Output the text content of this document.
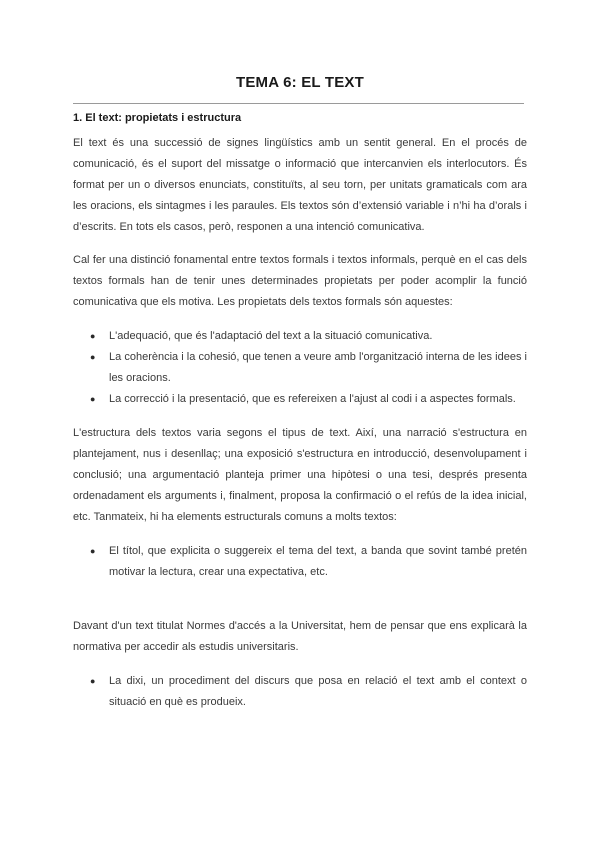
TEMA 6: EL TEXT
1. El text: propietats i estructura

El text és una successió de signes lingüístics amb un sentit general. En el procés de comunicació, és el suport del missatge o informació que intercanvien els interlocutors. És format per un o diversos enunciats, constituïts, al seu torn, per unitats gramaticals com ara les oracions, els sintagmes i les paraules. Els textos són d’extensió variable i n’hi ha d’orals i d’escrits. En tots els casos, però, responen a una intenció comunicativa.

Cal fer una distinció fonamental entre textos formals i textos informals, perquè en el cas dels textos formals han de tenir unes determinades propietats per poder acomplir la funció comunicativa que els motiva. Les propietats dels textos formals són aquestes:

● L'adequació, que és l'adaptació del text a la situació comunicativa.
● La coherència i la cohesió, que tenen a veure amb l'organització interna de les idees i les oracions.
● La correcció i la presentació, que es refereixen a l'ajust al codi i a aspectes formals.

L'estructura dels textos varia segons el tipus de text. Així, una narració s'estructura en plantejament, nus i desenllaç; una exposició s'estructura en introducció, desenvolupament i conclusió; una argumentació planteja primer una hipòtesi o una tesi, després presenta ordenadament els arguments i, finalment, proposa la confirmació o el refús de la idea inicial, etc. Tanmateix, hi ha elements estructurals comuns a molts textos:

● El títol, que explicita o suggereix el tema del text, a banda que sovint també pretén motivar la lectura, crear una expectativa, etc.

Davant d'un text titulat Normes d'accés a la Universitat, hem de pensar que ens explicarà la normativa per accedir als estudis universitaris.

● La dixi, un procediment del discurs que posa en relació el text amb el context o situació en què es produeix.
